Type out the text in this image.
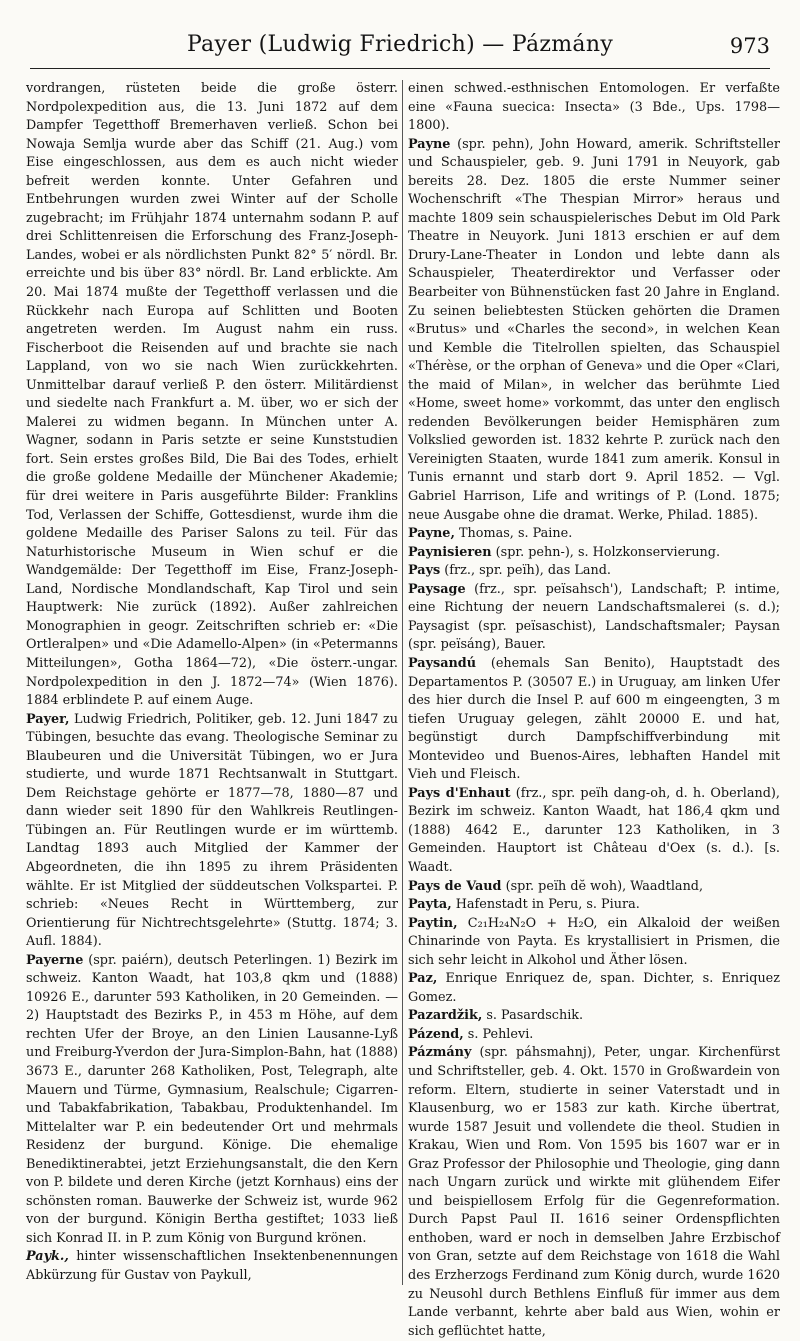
Payer (Ludwig Friedrich) — Pázmány	973

vordrangen, rüsteten beide die große österr. Nordpolexpedition aus, die 13. Juni 1872 auf dem Dampfer Tegetthoff Bremerhaven verließ. Schon bei Nowaja Semlja wurde aber das Schiff (21. Aug.) vom Eise eingeschlossen, aus dem es auch nicht wieder befreit werden konnte. Unter Gefahren und Entbehrungen wurden zwei Winter auf der Scholle zugebracht; im Frühjahr 1874 unternahm sodann P. auf drei Schlittenreisen die Erforschung des Franz-Joseph-Landes, wobei er als nördlichsten Punkt 82° 5′ nördl. Br. erreichte und bis über 83° nördl. Br. Land erblickte. Am 20. Mai 1874 mußte der Tegetthoff verlassen und die Rückkehr nach Europa auf Schlitten und Booten angetreten werden. Im August nahm ein russ. Fischerboot die Reisenden auf und brachte sie nach Lappland, von wo sie nach Wien zurückkehrten. Unmittelbar darauf verließ P. den österr. Militärdienst und siedelte nach Frankfurt a. M. über, wo er sich der Malerei zu widmen begann. In München unter A. Wagner, sodann in Paris setzte er seine Kunststudien fort. Sein erstes großes Bild, Die Bai des Todes, erhielt die große goldene Medaille der Münchener Akademie; für drei weitere in Paris ausgeführte Bilder: Franklins Tod, Verlassen der Schiffe, Gottesdienst, wurde ihm die goldene Medaille des Pariser Salons zu teil. Für das Naturhistorische Museum in Wien schuf er die Wandgemälde: Der Tegetthoff im Eise, Franz-Joseph-Land, Nordische Mondlandschaft, Kap Tirol und sein Hauptwerk: Nie zurück (1892). Außer zahlreichen Monographien in geogr. Zeitschriften schrieb er: «Die Ortleralpen» und «Die Adamello-Alpen» (in «Petermanns Mitteilungen», Gotha 1864—72), «Die österr.-ungar. Nordpolexpedition in den J. 1872—74» (Wien 1876). 1884 erblindete P. auf einem Auge.

Payer, Ludwig Friedrich, Politiker, geb. 12. Juni 1847 zu Tübingen, besuchte das evang. Theologische Seminar zu Blaubeuren und die Universität Tübingen, wo er Jura studierte, und wurde 1871 Rechtsanwalt in Stuttgart. Dem Reichstage gehörte er 1877—78, 1880—87 und dann wieder seit 1890 für den Wahlkreis Reutlingen-Tübingen an. Für Reutlingen wurde er im württemb. Landtag 1893 auch Mitglied der Kammer der Abgeordneten, die ihn 1895 zu ihrem Präsidenten wählte. Er ist Mitglied der süddeutschen Volkspartei. P. schrieb: «Neues Recht in Württemberg, zur Orientierung für Nichtrechtsgelehrte» (Stuttg. 1874; 3. Aufl. 1884).

Payerne (spr. paiérn), deutsch Peterlingen. 1) Bezirk im schweiz. Kanton Waadt, hat 103,8 qkm und (1888) 10926 E., darunter 593 Katholiken, in 20 Gemeinden. — 2) Hauptstadt des Bezirks P., in 453 m Höhe, auf dem rechten Ufer der Broye, an den Linien Lausanne-Lyß und Freiburg-Yverdon der Jura-Simplon-Bahn, hat (1888) 3673 E., darunter 268 Katholiken, Post, Telegraph, alte Mauern und Türme, Gymnasium, Realschule; Cigarren- und Tabakfabrikation, Tabakbau, Produktenhandel. Im Mittelalter war P. ein bedeutender Ort und mehrmals Residenz der burgund. Könige. Die ehemalige Benediktinerabtei, jetzt Erziehungsanstalt, die den Kern von P. bildete und deren Kirche (jetzt Kornhaus) eins der schönsten roman. Bauwerke der Schweiz ist, wurde 962 von der burgund. Königin Bertha gestiftet; 1033 ließ sich Konrad II. in P. zum König von Burgund krönen.

Payk., hinter wissenschaftlichen Insektenbenennungen Abkürzung für Gustav von Paykull,

einen schwed.-esthnischen Entomologen. Er verfaßte eine «Fauna suecica: Insecta» (3 Bde., Ups. 1798—1800).

Payne (spr. pehn), John Howard, amerik. Schriftsteller und Schauspieler, geb. 9. Juni 1791 in Neuyork, gab bereits 28. Dez. 1805 die erste Nummer seiner Wochenschrift «The Thespian Mirror» heraus und machte 1809 sein schauspielerisches Debut im Old Park Theatre in Neuyork. Juni 1813 erschien er auf dem Drury-Lane-Theater in London und lebte dann als Schauspieler, Theaterdirektor und Verfasser oder Bearbeiter von Bühnenstücken fast 20 Jahre in England. Zu seinen beliebtesten Stücken gehörten die Dramen «Brutus» und «Charles the second», in welchen Kean und Kemble die Titelrollen spielten, das Schauspiel «Thérèse, or the orphan of Geneva» und die Oper «Clari, the maid of Milan», in welcher das berühmte Lied «Home, sweet home» vorkommt, das unter den englisch redenden Bevölkerungen beider Hemisphären zum Volkslied geworden ist. 1832 kehrte P. zurück nach den Vereinigten Staaten, wurde 1841 zum amerik. Konsul in Tunis ernannt und starb dort 9. April 1852. — Vgl. Gabriel Harrison, Life and writings of P. (Lond. 1875; neue Ausgabe ohne die dramat. Werke, Philad. 1885).

Payne, Thomas, s. Paine.

Paynisieren (spr. pehn-), s. Holzkonservierung.

Pays (frz., spr. peïh), das Land.

Paysage (frz., spr. peïsahsch'), Landschaft; P. intime, eine Richtung der neuern Landschaftsmalerei (s. d.); Paysagist (spr. peïsaschist), Landschaftsmaler; Paysan (spr. peïsáng), Bauer.

Paysandú (ehemals San Benito), Hauptstadt des Departamentos P. (30507 E.) in Uruguay, am linken Ufer des hier durch die Insel P. auf 600 m eingeengten, 3 m tiefen Uruguay gelegen, zählt 20000 E. und hat, begünstigt durch Dampfschiffverbindung mit Montevideo und Buenos-Aires, lebhaften Handel mit Vieh und Fleisch.

Pays d'Enhaut (frz., spr. peïh dang-oh, d. h. Oberland), Bezirk im schweiz. Kanton Waadt, hat 186,4 qkm und (1888) 4642 E., darunter 123 Katholiken, in 3 Gemeinden. Hauptort ist Château d'Oex (s. d.). [s. Waadt.

Pays de Vaud (spr. peïh dĕ woh), Waadtland,

Payta, Hafenstadt in Peru, s. Piura.

Paytin, C₂₁H₂₄N₂O + H₂O, ein Alkaloid der weißen Chinarinde von Payta. Es krystallisiert in Prismen, die sich sehr leicht in Alkohol und Äther lösen.

Paz, Enrique Enriquez de, span. Dichter, s. Enriquez Gomez.

Pazardžik, s. Pasardschik.

Pázend, s. Pehlevi.

Pázmány (spr. páhsmahnj), Peter, ungar. Kirchenfürst und Schriftsteller, geb. 4. Okt. 1570 in Großwardein von reform. Eltern, studierte in seiner Vaterstadt und in Klausenburg, wo er 1583 zur kath. Kirche übertrat, wurde 1587 Jesuit und vollendete die theol. Studien in Krakau, Wien und Rom. Von 1595 bis 1607 war er in Graz Professor der Philosophie und Theologie, ging dann nach Ungarn zurück und wirkte mit glühendem Eifer und beispiellosem Erfolg für die Gegenreformation. Durch Papst Paul II. 1616 seiner Ordenspflichten enthoben, ward er noch in demselben Jahre Erzbischof von Gran, setzte auf dem Reichstage von 1618 die Wahl des Erzherzogs Ferdinand zum König durch, wurde 1620 zu Neusohl durch Bethlens Einfluß für immer aus dem Lande verbannt, kehrte aber bald aus Wien, wohin er sich geflüchtet hatte,
